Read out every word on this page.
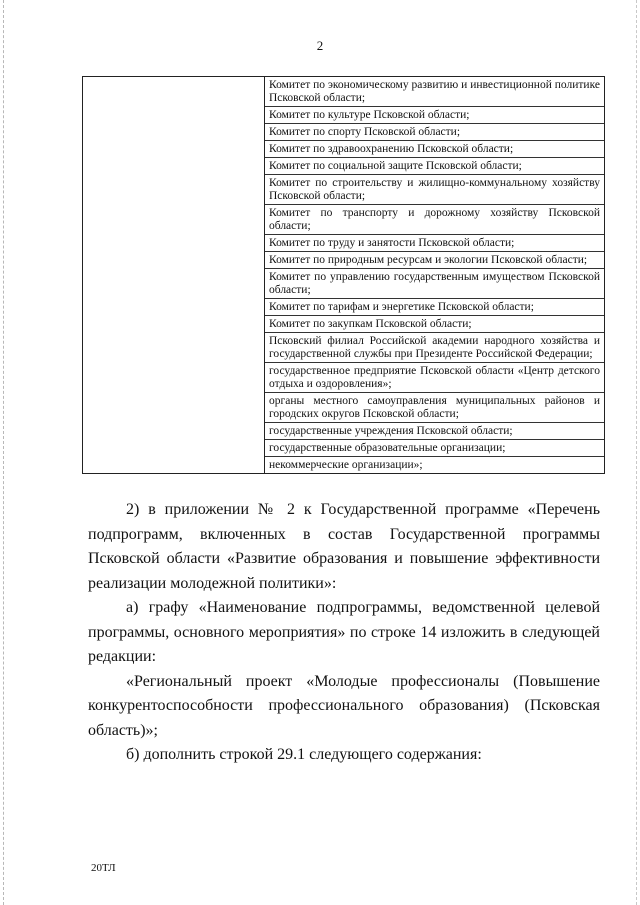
2

Комитет по экономическому развитию и инвестиционной политике Псковской области;
Комитет по культуре Псковской области;
Комитет по спорту Псковской области;
Комитет по здравоохранению Псковской области;
Комитет по социальной защите Псковской области;
Комитет по строительству и жилищно-коммунальному хозяйству Псковской области;
Комитет по транспорту и дорожному хозяйству Псковской области;
Комитет по труду и занятости Псковской области;
Комитет по природным ресурсам и экологии Псковской области;
Комитет по управлению государственным имуществом Псковской области;
Комитет по тарифам и энергетике Псковской области;
Комитет по закупкам Псковской области;
Псковский филиал Российской академии народного хозяйства и государственной службы при Президенте Российской Федерации;
государственное предприятие Псковской области «Центр детского отдыха и оздоровления»;
органы местного самоуправления муниципальных районов и городских округов Псковской области;
государственные учреждения Псковской области;
государственные образовательные организации;
некоммерческие организации»;

2) в приложении № 2 к Государственной программе «Перечень подпрограмм, включенных в состав Государственной программы Псковской области «Развитие образования и повышение эффективности реализации молодежной политики»:

а) графу «Наименование подпрограммы, ведомственной целевой программы, основного мероприятия» по строке 14 изложить в следующей редакции:

«Региональный проект «Молодые профессионалы (Повышение конкурентоспособности профессионального образования) (Псковская область)»;

б) дополнить строкой 29.1 следующего содержания:

20ТЛ
